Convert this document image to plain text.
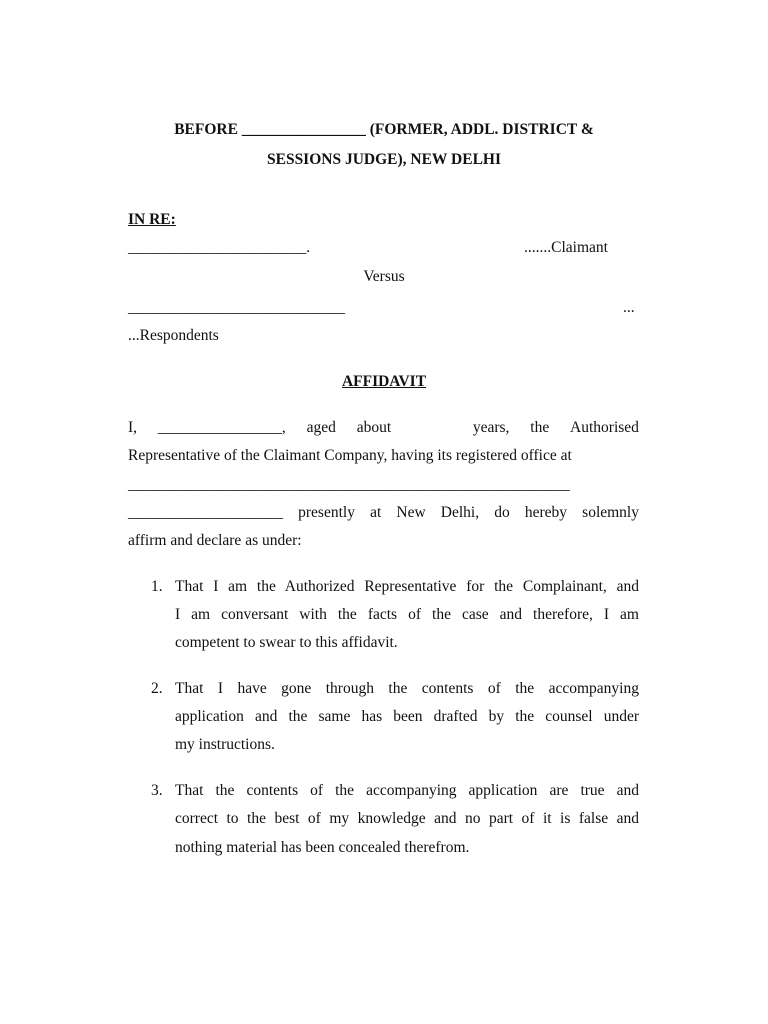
BEFORE ________________ (FORMER, ADDL. DISTRICT &
SESSIONS JUDGE), NEW DELHI
IN RE:
_______________________.	.......Claimant
Versus
____________________________	...
...Respondents
AFFIDAVIT
I, ________________, aged about	years, the Authorised
Representative of the Claimant Company, having its registered office at
_________________________________________________________
____________________ presently at New Delhi, do hereby solemnly
affirm and declare as under:
1. That I am the Authorized Representative for the Complainant, and
I am conversant with the facts of the case and therefore, I am
competent to swear to this affidavit.
2. That I have gone through the contents of the accompanying
application and the same has been drafted by the counsel under
my instructions.
3. That the contents of the accompanying application are true and
correct to the best of my knowledge and no part of it is false and
nothing material has been concealed therefrom.
